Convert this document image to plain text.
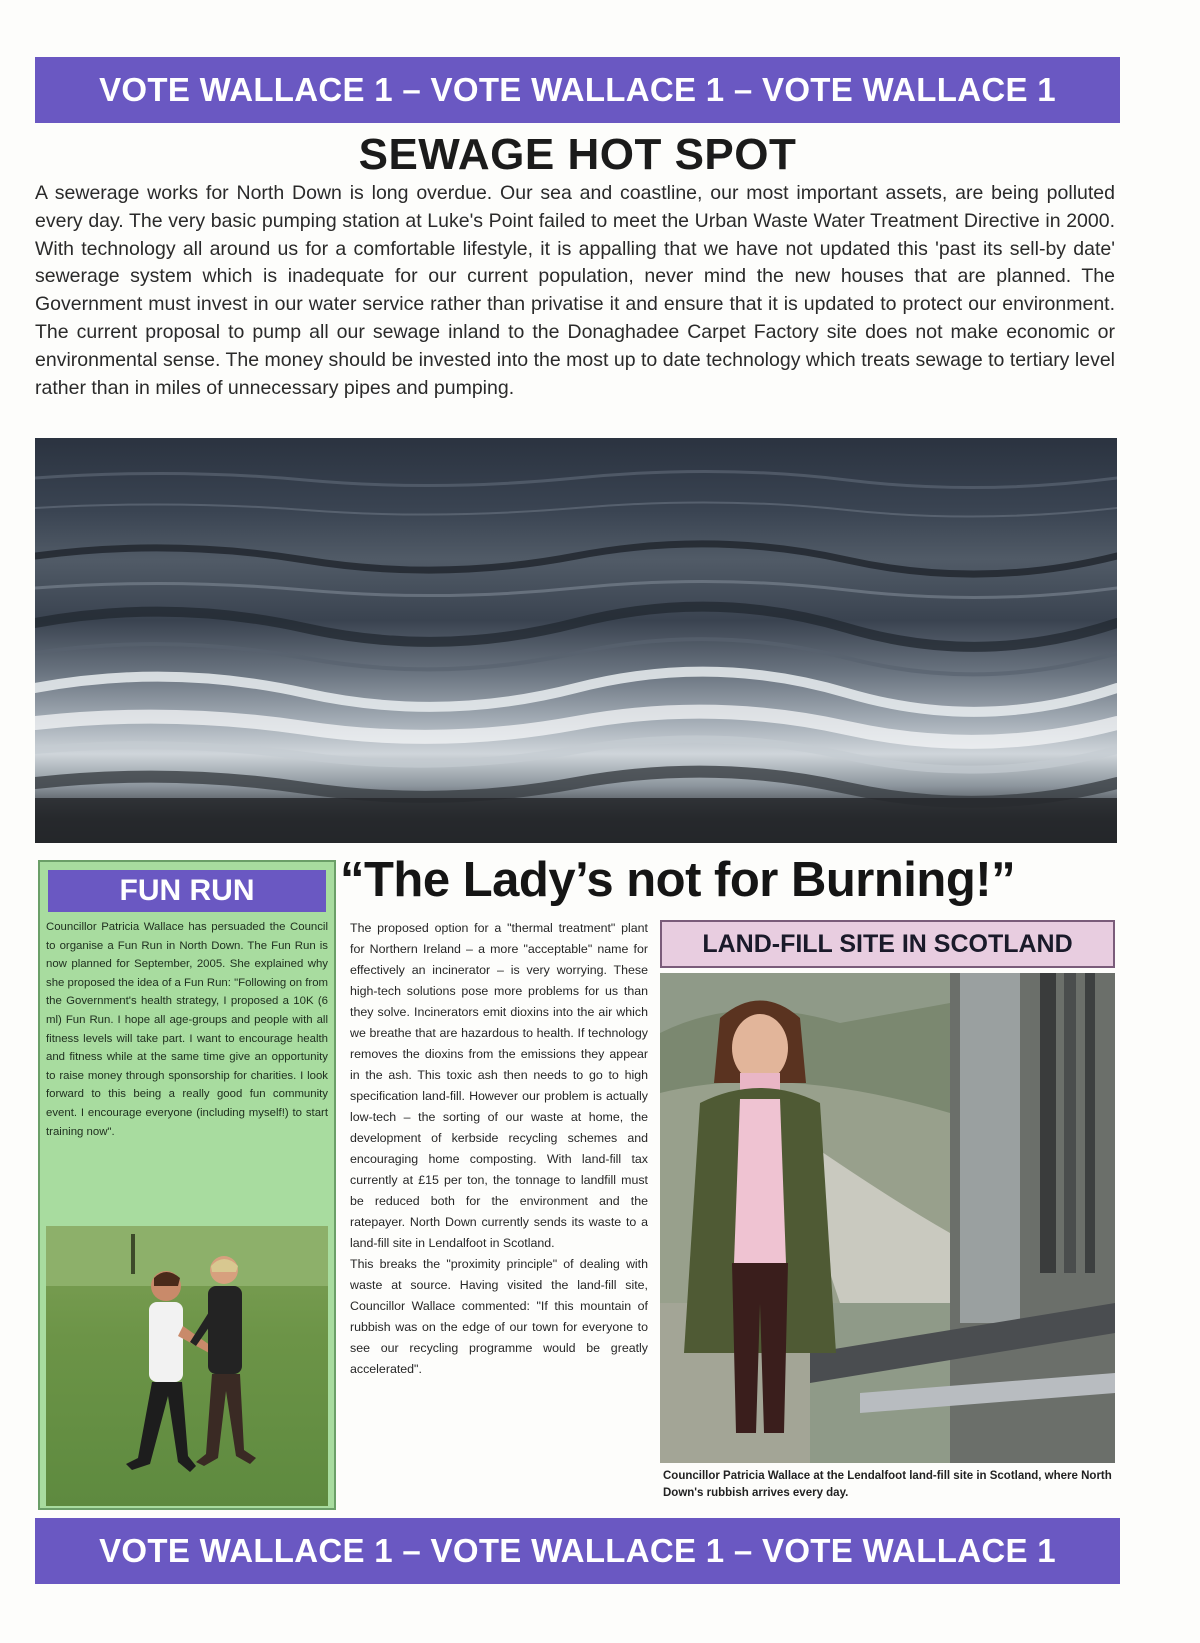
VOTE WALLACE 1 – VOTE WALLACE 1 – VOTE WALLACE 1
SEWAGE HOT SPOT

A sewerage works for North Down is long overdue. Our sea and coastline, our most important assets, are being polluted every day. The very basic pumping station at Luke's Point failed to meet the Urban Waste Water Treatment Directive in 2000. With technology all around us for a comfortable lifestyle, it is appalling that we have not updated this 'past its sell-by date' sewerage system which is inadequate for our current population, never mind the new houses that are planned. The Government must invest in our water service rather than privatise it and ensure that it is updated to protect our environment. The current proposal to pump all our sewage inland to the Donaghadee Carpet Factory site does not make economic or environmental sense. The money should be invested into the most up to date technology which treats sewage to tertiary level rather than in miles of unnecessary pipes and pumping.

FUN RUN

Councillor Patricia Wallace has persuaded the Council to organise a Fun Run in North Down. The Fun Run is now planned for September, 2005. She explained why she proposed the idea of a Fun Run: "Following on from the Government's health strategy, I proposed a 10K (6 ml) Fun Run. I hope all age-groups and people with all fitness levels will take part. I want to encourage health and fitness while at the same time give an opportunity to raise money through sponsorship for charities. I look forward to this being a really good fun community event. I encourage everyone (including myself!) to start training now".

“The Lady’s not for Burning!”

The proposed option for a "thermal treatment" plant for Northern Ireland – a more "acceptable" name for effectively an incinerator – is very worrying. These high-tech solutions pose more problems for us than they solve. Incinerators emit dioxins into the air which we breathe that are hazardous to health. If technology removes the dioxins from the emissions they appear in the ash. This toxic ash then needs to go to high specification land-fill. However our problem is actually low-tech – the sorting of our waste at home, the development of kerbside recycling schemes and encouraging home composting. With land-fill tax currently at £15 per ton, the tonnage to landfill must be reduced both for the environment and the ratepayer. North Down currently sends its waste to a land-fill site in Lendalfoot in Scotland.

This breaks the "proximity principle" of dealing with waste at source. Having visited the land-fill site, Councillor Wallace commented: "If this mountain of rubbish was on the edge of our town for everyone to see our recycling programme would be greatly accelerated".

LAND-FILL SITE IN SCOTLAND

Councillor Patricia Wallace at the Lendalfoot land-fill site in Scotland, where North Down's rubbish arrives every day.

VOTE WALLACE 1 – VOTE WALLACE 1 – VOTE WALLACE 1
